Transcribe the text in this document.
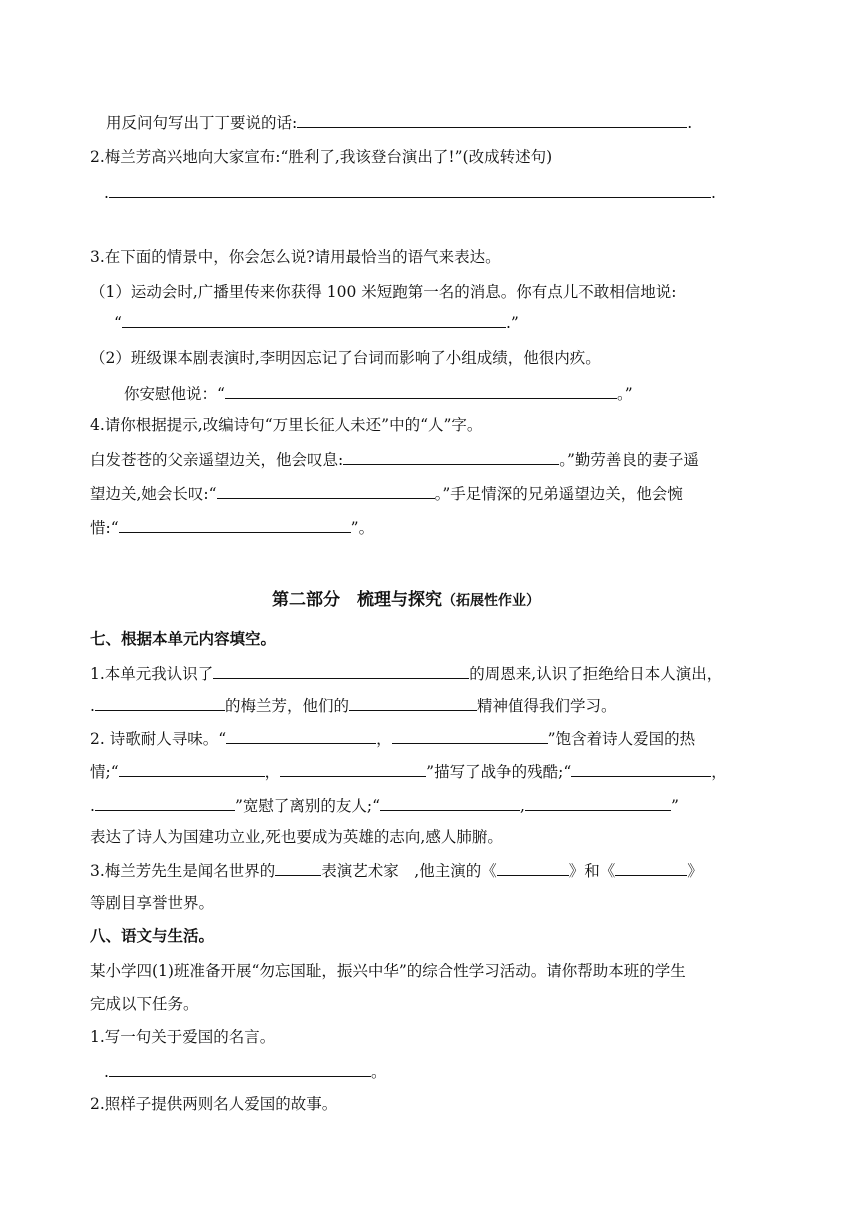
用反问句写出丁丁要说的话:	.
2.梅兰芳高兴地向大家宣布:“胜利了,我该登台演出了!”(改成转述句)
.	.
3.在下面的情景中，你会怎么说?请用最恰当的语气来表达。
（1）运动会时,广播里传来你获得 100 米短跑第一名的消息。你有点儿不敢相信地说:
“	.”
（2）班级课本剧表演时,李明因忘记了台词而影响了小组成绩，他很内疚。
你安慰他说：“	。”
4.请你根据提示,改编诗句“万里长征人未还”中的“人”字。
白发苍苍的父亲遥望边关，他会叹息:	。”勤劳善良的妻子遥
望边关,她会长叹:“	。”手足情深的兄弟遥望边关，他会惋
惜:“	”。
第二部分　梳理与探究（拓展性作业）
七、根据本单元内容填空。
1.本单元我认识了	的周恩来,认识了拒绝给日本人演出，
.	的梅兰芳，他们的	精神值得我们学习。
2. 诗歌耐人寻味。“	，	”饱含着诗人爱国的热
情;“	，	”描写了战争的残酷;“	，
.	”宽慰了离别的友人;“	,	”
表达了诗人为国建功立业,死也要成为英雄的志向,感人肺腑。
3.梅兰芳先生是闻名世界的	表演艺术家　,他主演的《	》和《	》
等剧目享誉世界。
八、语文与生活。
某小学四(1)班准备开展“勿忘国耻，振兴中华”的综合性学习活动。请你帮助本班的学生
完成以下任务。
1.写一句关于爱国的名言。
.	。
2.照样子提供两则名人爱国的故事。
